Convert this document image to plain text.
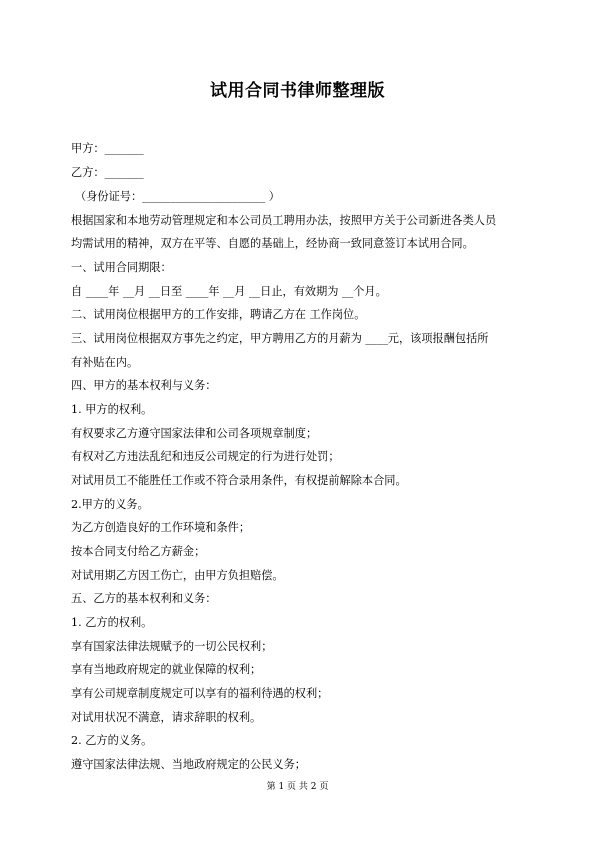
试用合同书律师整理版
甲方：_______
乙方：_______
（身份证号：______________________ ）
根据国家和本地劳动管理规定和本公司员工聘用办法，按照甲方关于公司新进各类人员
均需试用的精神，双方在平等、自愿的基础上，经协商一致同意签订本试用合同。
一、试用合同期限：
自 ____年 __月 __日至 ____年 __月 __日止，有效期为 __个月。
二、试用岗位根据甲方的工作安排，聘请乙方在 工作岗位。
三、试用岗位根据双方事先之约定，甲方聘用乙方的月薪为 ____元，该项报酬包括所
有补贴在内。
四、甲方的基本权利与义务：
1. 甲方的权利。
有权要求乙方遵守国家法律和公司各项规章制度；
有权对乙方违法乱纪和违反公司规定的行为进行处罚；
对试用员工不能胜任工作或不符合录用条件，有权提前解除本合同。
2.甲方的义务。
为乙方创造良好的工作环境和条件；
按本合同支付给乙方薪金；
对试用期乙方因工伤亡，由甲方负担赔偿。
五、乙方的基本权利和义务：
1. 乙方的权利。
享有国家法律法规赋予的一切公民权利；
享有当地政府规定的就业保障的权利；
享有公司规章制度规定可以享有的福利待遇的权利；
对试用状况不满意，请求辞职的权利。
2. 乙方的义务。
遵守国家法律法规、当地政府规定的公民义务；
第 1 页 共 2 页
